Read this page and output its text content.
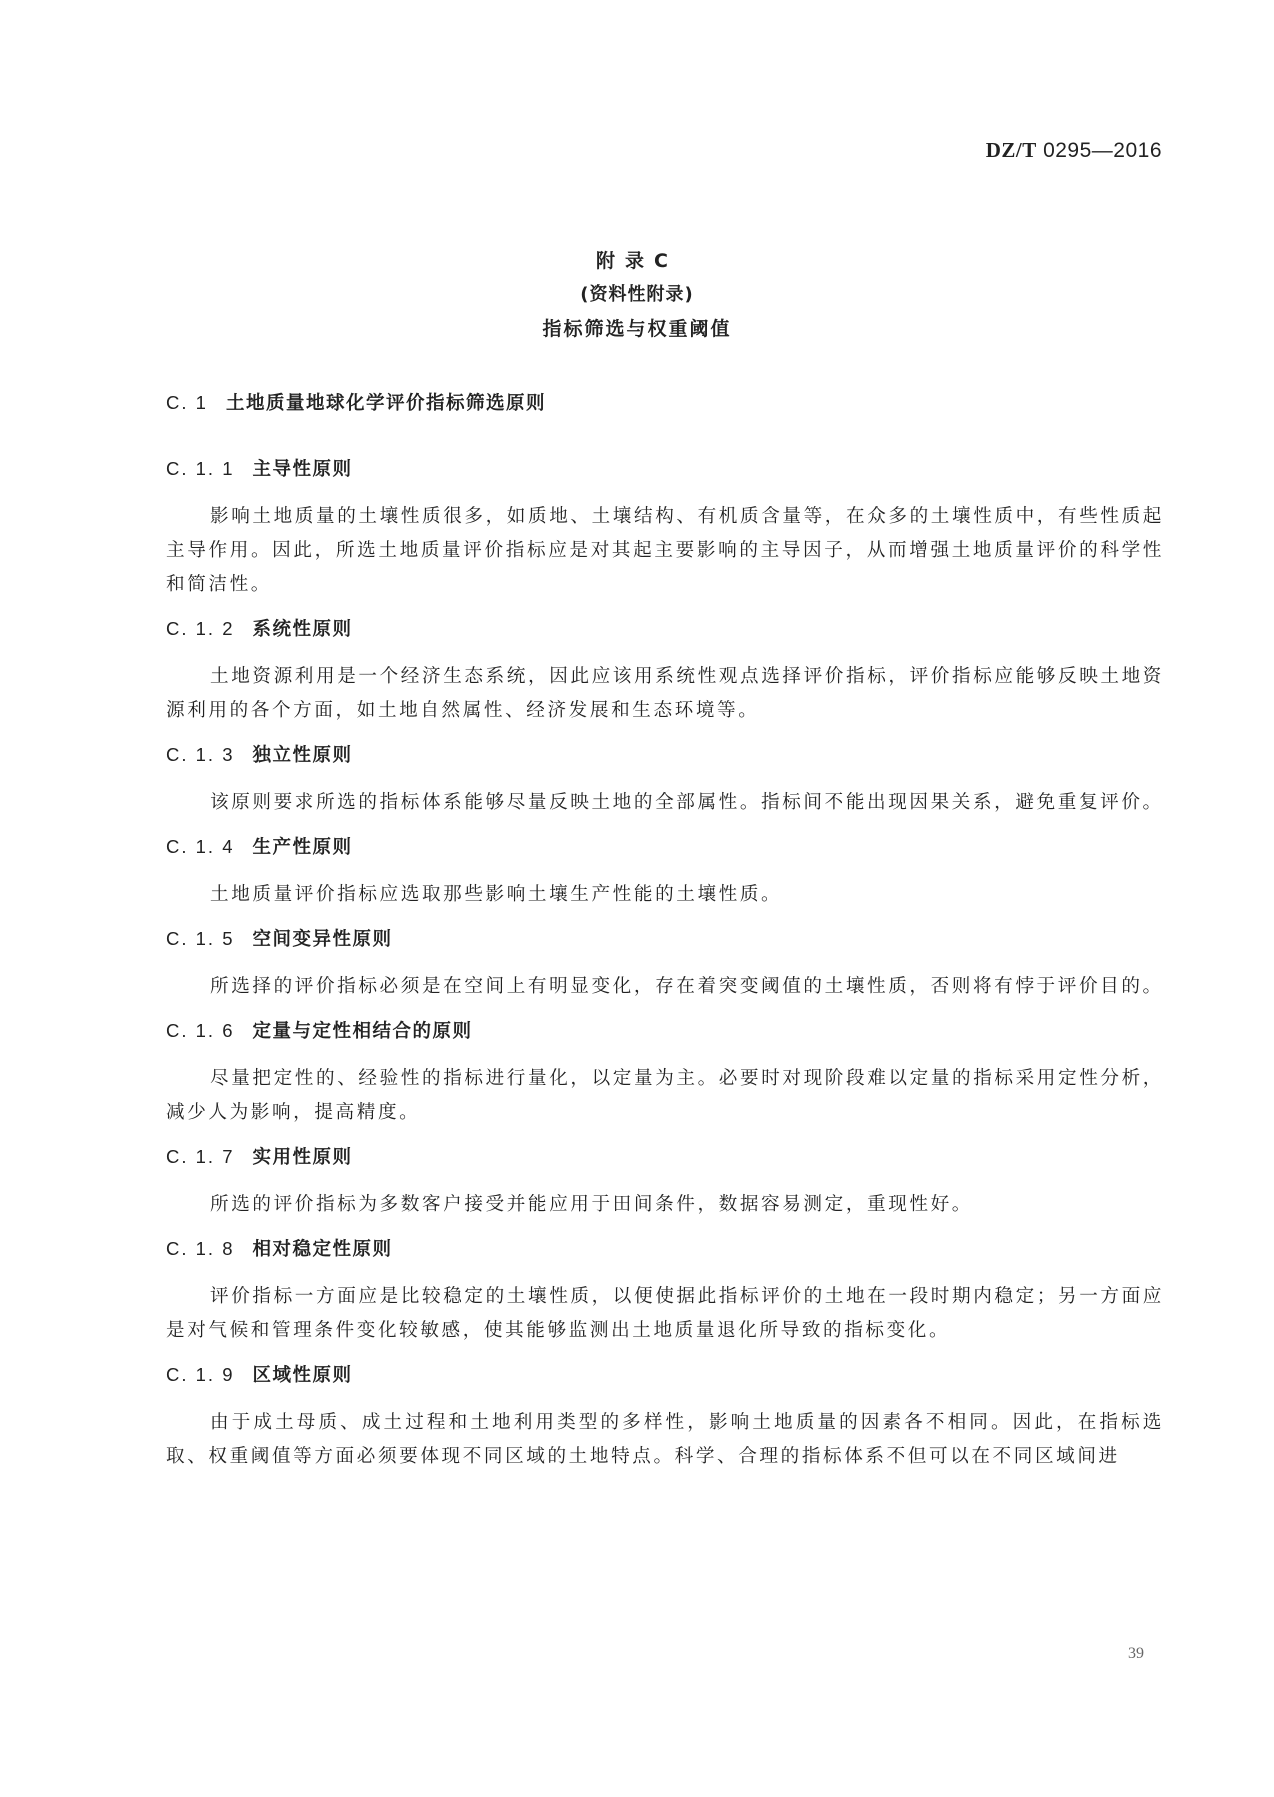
DZ/T 0295—2016
附录C
(资料性附录)
指标筛选与权重阈值
C. 1 土地质量地球化学评价指标筛选原则
C. 1. 1 主导性原则

影响土地质量的土壤性质很多，如质地、土壤结构、有机质含量等，在众多的土壤性质中，有些性质起主导作用。因此，所选土地质量评价指标应是对其起主要影响的主导因子，从而增强土地质量评价的科学性和简洁性。

C. 1. 2 系统性原则

土地资源利用是一个经济生态系统，因此应该用系统性观点选择评价指标，评价指标应能够反映土地资源利用的各个方面，如土地自然属性、经济发展和生态环境等。

C. 1. 3 独立性原则

该原则要求所选的指标体系能够尽量反映土地的全部属性。指标间不能出现因果关系，避免重复评价。

C. 1. 4 生产性原则

土地质量评价指标应选取那些影响土壤生产性能的土壤性质。

C. 1. 5 空间变异性原则

所选择的评价指标必须是在空间上有明显变化，存在着突变阈值的土壤性质，否则将有悖于评价目的。

C. 1. 6 定量与定性相结合的原则

尽量把定性的、经验性的指标进行量化，以定量为主。必要时对现阶段难以定量的指标采用定性分析，减少人为影响，提高精度。

C. 1. 7 实用性原则

所选的评价指标为多数客户接受并能应用于田间条件，数据容易测定，重现性好。

C. 1. 8 相对稳定性原则

评价指标一方面应是比较稳定的土壤性质，以便使据此指标评价的土地在一段时期内稳定；另一方面应是对气候和管理条件变化较敏感，使其能够监测出土地质量退化所导致的指标变化。

C. 1. 9 区域性原则

由于成土母质、成土过程和土地利用类型的多样性，影响土地质量的因素各不相同。因此，在指标选取、权重阈值等方面必须要体现不同区域的土地特点。科学、合理的指标体系不但可以在不同区域间进

39
